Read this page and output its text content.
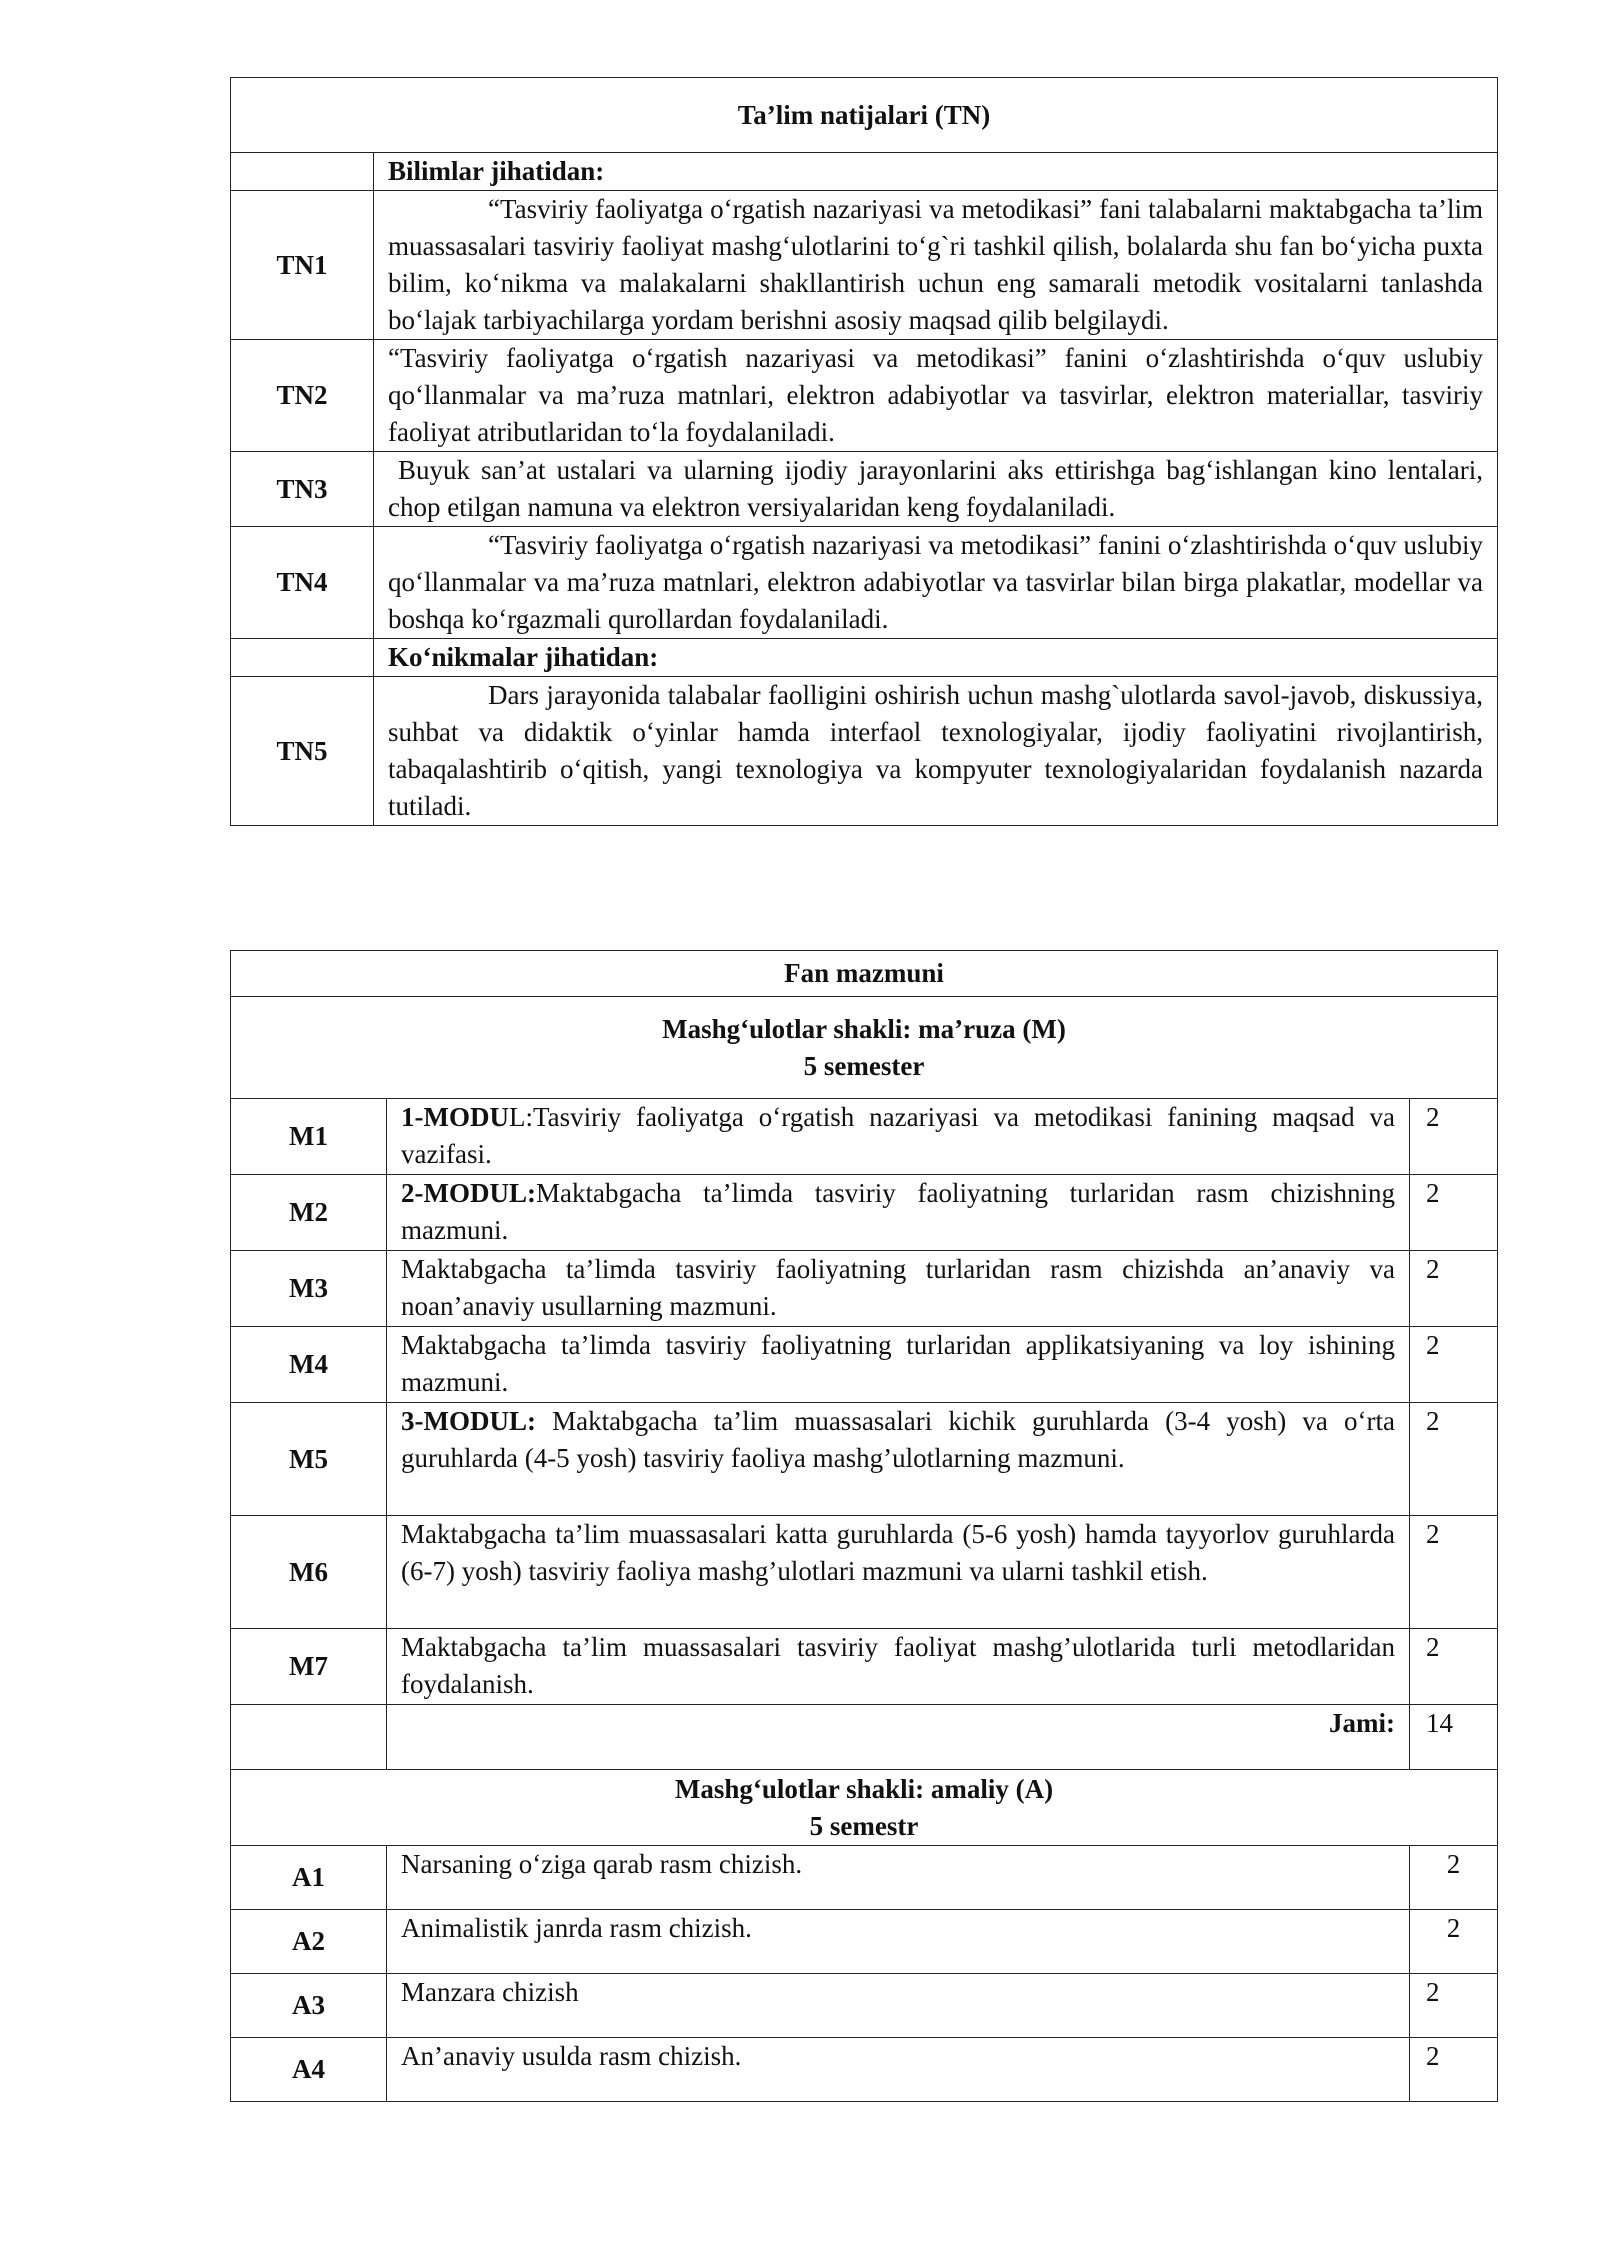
Ta’lim natijalari (TN)	
	Bilimlar jihatidan:
TN1	“Tasviriy faoliyatga o‘rgatish nazariyasi va metodikasi” fani talabalarni maktabgacha ta’lim muassasalari tasviriy faoliyat mashg‘ulotlarini to‘g`ri tashkil qilish, bolalarda shu fan bo‘yicha puxta bilim, ko‘nikma va malakalarni shakllantirish uchun eng samarali metodik vositalarni tanlashda bo‘lajak tarbiyachilarga yordam berishni asosiy maqsad qilib belgilaydi.
TN2	“Tasviriy faoliyatga o‘rgatish nazariyasi va metodikasi” fanini o‘zlashtirishda o‘quv uslubiy qo‘llanmalar va ma’ruza matnlari, elektron adabiyotlar va tasvirlar, elektron materiallar, tasviriy faoliyat atributlaridan to‘la foydalaniladi.
TN3	Buyuk san’at ustalari va ularning ijodiy jarayonlarini aks ettirishga bag‘ishlangan kino lentalari, chop etilgan namuna va elektron versiyalaridan keng foydalaniladi.
TN4	“Tasviriy faoliyatga o‘rgatish nazariyasi va metodikasi” fanini o‘zlashtirishda o‘quv uslubiy qo‘llanmalar va ma’ruza matnlari, elektron adabiyotlar va tasvirlar bilan birga plakatlar, modellar va boshqa ko‘rgazmali qurollardan foydalaniladi.
	Ko‘nikmalar jihatidan:
TN5	Dars jarayonida talabalar faolligini oshirish uchun mashg`ulotlarda savol-javob, diskussiya, suhbat va didaktik o‘yinlar hamda interfaol texnologiyalar, ijodiy faoliyatini rivojlantirish, tabaqalashtirib o‘qitish, yangi texnologiya va kompyuter texnologiyalaridan foydalanish nazarda tutiladi.
Fan mazmuni		

Mashg‘ulotlar shakli: ma’ruza (M)
5 semester		

M1	1-MODUL:Tasviriy faoliyatga o‘rgatish nazariyasi va metodikasi fanining maqsad va vazifasi.	2
M2	2-MODUL:Maktabgacha ta’limda tasviriy faoliyatning turlaridan rasm chizishning mazmuni.	2
M3	Maktabgacha ta’limda tasviriy faoliyatning turlaridan rasm chizishda an’anaviy va noan’anaviy usullarning mazmuni.	2
M4	Maktabgacha ta’limda tasviriy faoliyatning turlaridan applikatsiyaning va loy ishining mazmuni.	2
M5	3-MODUL: Maktabgacha ta’lim muassasalari kichik guruhlarda (3-4 yosh) va o‘rta guruhlarda (4-5 yosh) tasviriy faoliya mashg’ulotlarning mazmuni.	2
M6	Maktabgacha ta’lim muassasalari katta guruhlarda (5-6 yosh) hamda tayyorlov guruhlarda (6-7) yosh) tasviriy faoliya mashg’ulotlari mazmuni va ularni tashkil etish.	2
M7	Maktabgacha ta’lim muassasalari tasviriy faoliyat mashg’ulotlarida turli metodlaridan foydalanish.	2
	Jami:	14

Mashg‘ulotlar shakli: amaliy (A)
5 semestr		

A1	Narsaning o‘ziga qarab rasm chizish.	2
A2	Animalistik janrda rasm chizish.	2
A3	Manzara chizish	2
A4	An’anaviy usulda rasm chizish.	2
